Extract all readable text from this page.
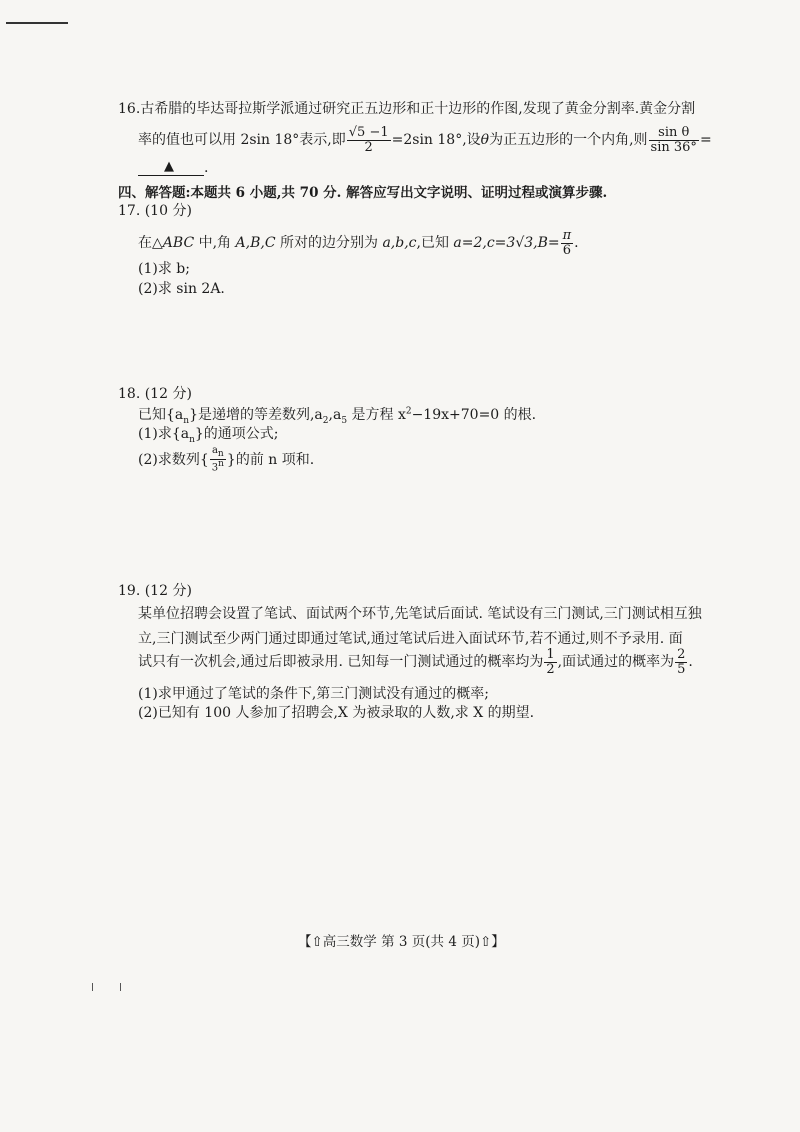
16.古希腊的毕达哥拉斯学派通过研究正五边形和正十边形的作图,发现了黄金分割率.黄金分割
率的值也可以用 2sin 18°表示,即 $\frac{√5 -1}{2} =2\sin$ 18°,设θ为正五边形的一个内角,则 $\frac{\text{sin θ}}{\sin 36^\circ}$ =
▲ .
四、解答题:本题共 6 小题,共 70 分. 解答应写出文字说明、证明过程或演算步骤.
17. (10 分)
在△ABC 中,角 A,B,C 所对的边分别为 a,b,c,已知 $a=2,c=3√3,B= \frac{\pi}{6}$ .
(1)求 b;
(2)求 sin 2A.
18. (12 分)
已知$\{a_n\}$是递增的等差数列$,a_2,a_5$ 是方程 $x^2-19x+70=0$ 的根.
(1)求$\{a_n\}$的通项公式;
(2)求数列{ $\frac{a_n}{3^n}$ }的前 n 项和.
19. (12 分)
某单位招聘会设置了笔试、面试两个环节,先笔试后面试. 笔试设有三门测试,三门测试相互独
立,三门测试至少两门通过即通过笔试,通过笔试后进入面试环节,若不通过,则不予录用. 面
试只有一次机会,通过后即被录用. 已知每一门测试通过的概率均为 $\frac{1}{2}$ ,面试通过的概率为 $\frac{2}{5}$ .
(1)求甲通过了笔试的条件下,第三门测试没有通过的概率;
(2)已知有 100 人参加了招聘会,X 为被录取的人数,求 X 的期望.
【⇧高三数学 第 3 页(共 4 页)⇧】
